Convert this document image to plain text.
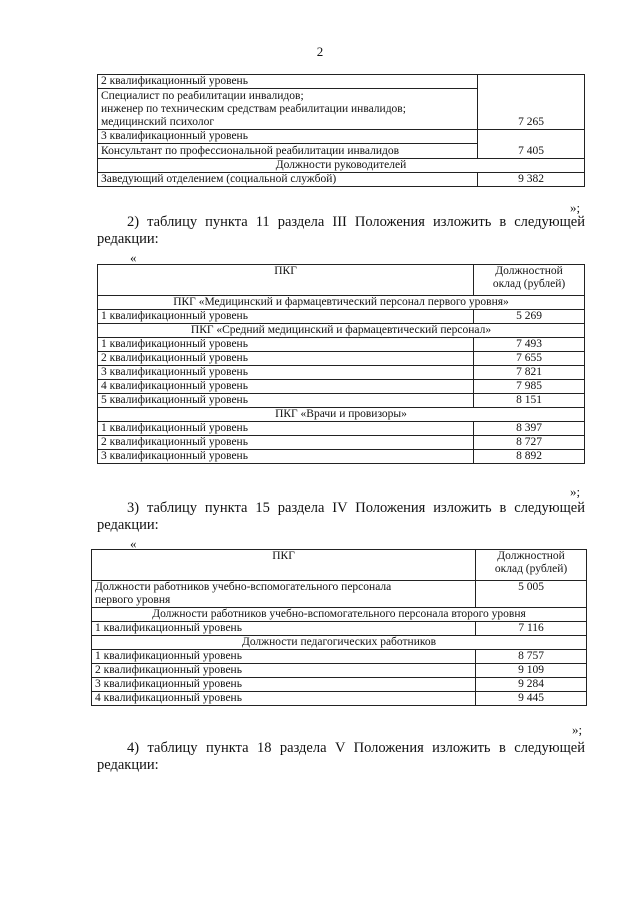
2
2 квалификационный уровень
Специалист по реабилитации инвалидов;
инженер по техническим средствам реабилитации инвалидов;
медицинский психолог	7 265

3 квалификационный уровень
Консультант по профессиональной реабилитации инвалидов	7 405
Должности руководителей	
Заведующий отделением (социальной службой)	9 382
»;
2) таблицу пункта 11 раздела III Положения изложить в следующей
редакции:
«
ПКГ	Должностной
оклад (рублей)

ПКГ «Медицинский и фармацевтический персонал первого уровня»	
1 квалификационный уровень	5 269
ПКГ «Средний медицинский и фармацевтический персонал»	
1 квалификационный уровень	7 493
2 квалификационный уровень	7 655
3 квалификационный уровень	7 821
4 квалификационный уровень	7 985
5 квалификационный уровень	8 151
ПКГ «Врачи и провизоры»	
1 квалификационный уровень	8 397
2 квалификационный уровень	8 727
3 квалификационный уровень	8 892
»;
3) таблицу пункта 15 раздела IV Положения изложить в следующей
редакции:
«
ПКГ	Должностной
оклад (рублей)

Должности работников учебно-вспомогательного персонала
первого уровня	5 005
Должности работников учебно-вспомогательного персонала второго уровня	
1 квалификационный уровень	7 116
Должности педагогических работников	
1 квалификационный уровень	8 757
2 квалификационный уровень	9 109
3 квалификационный уровень	9 284
4 квалификационный уровень	9 445
»;
4) таблицу пункта 18 раздела V Положения изложить в следующей
редакции:
